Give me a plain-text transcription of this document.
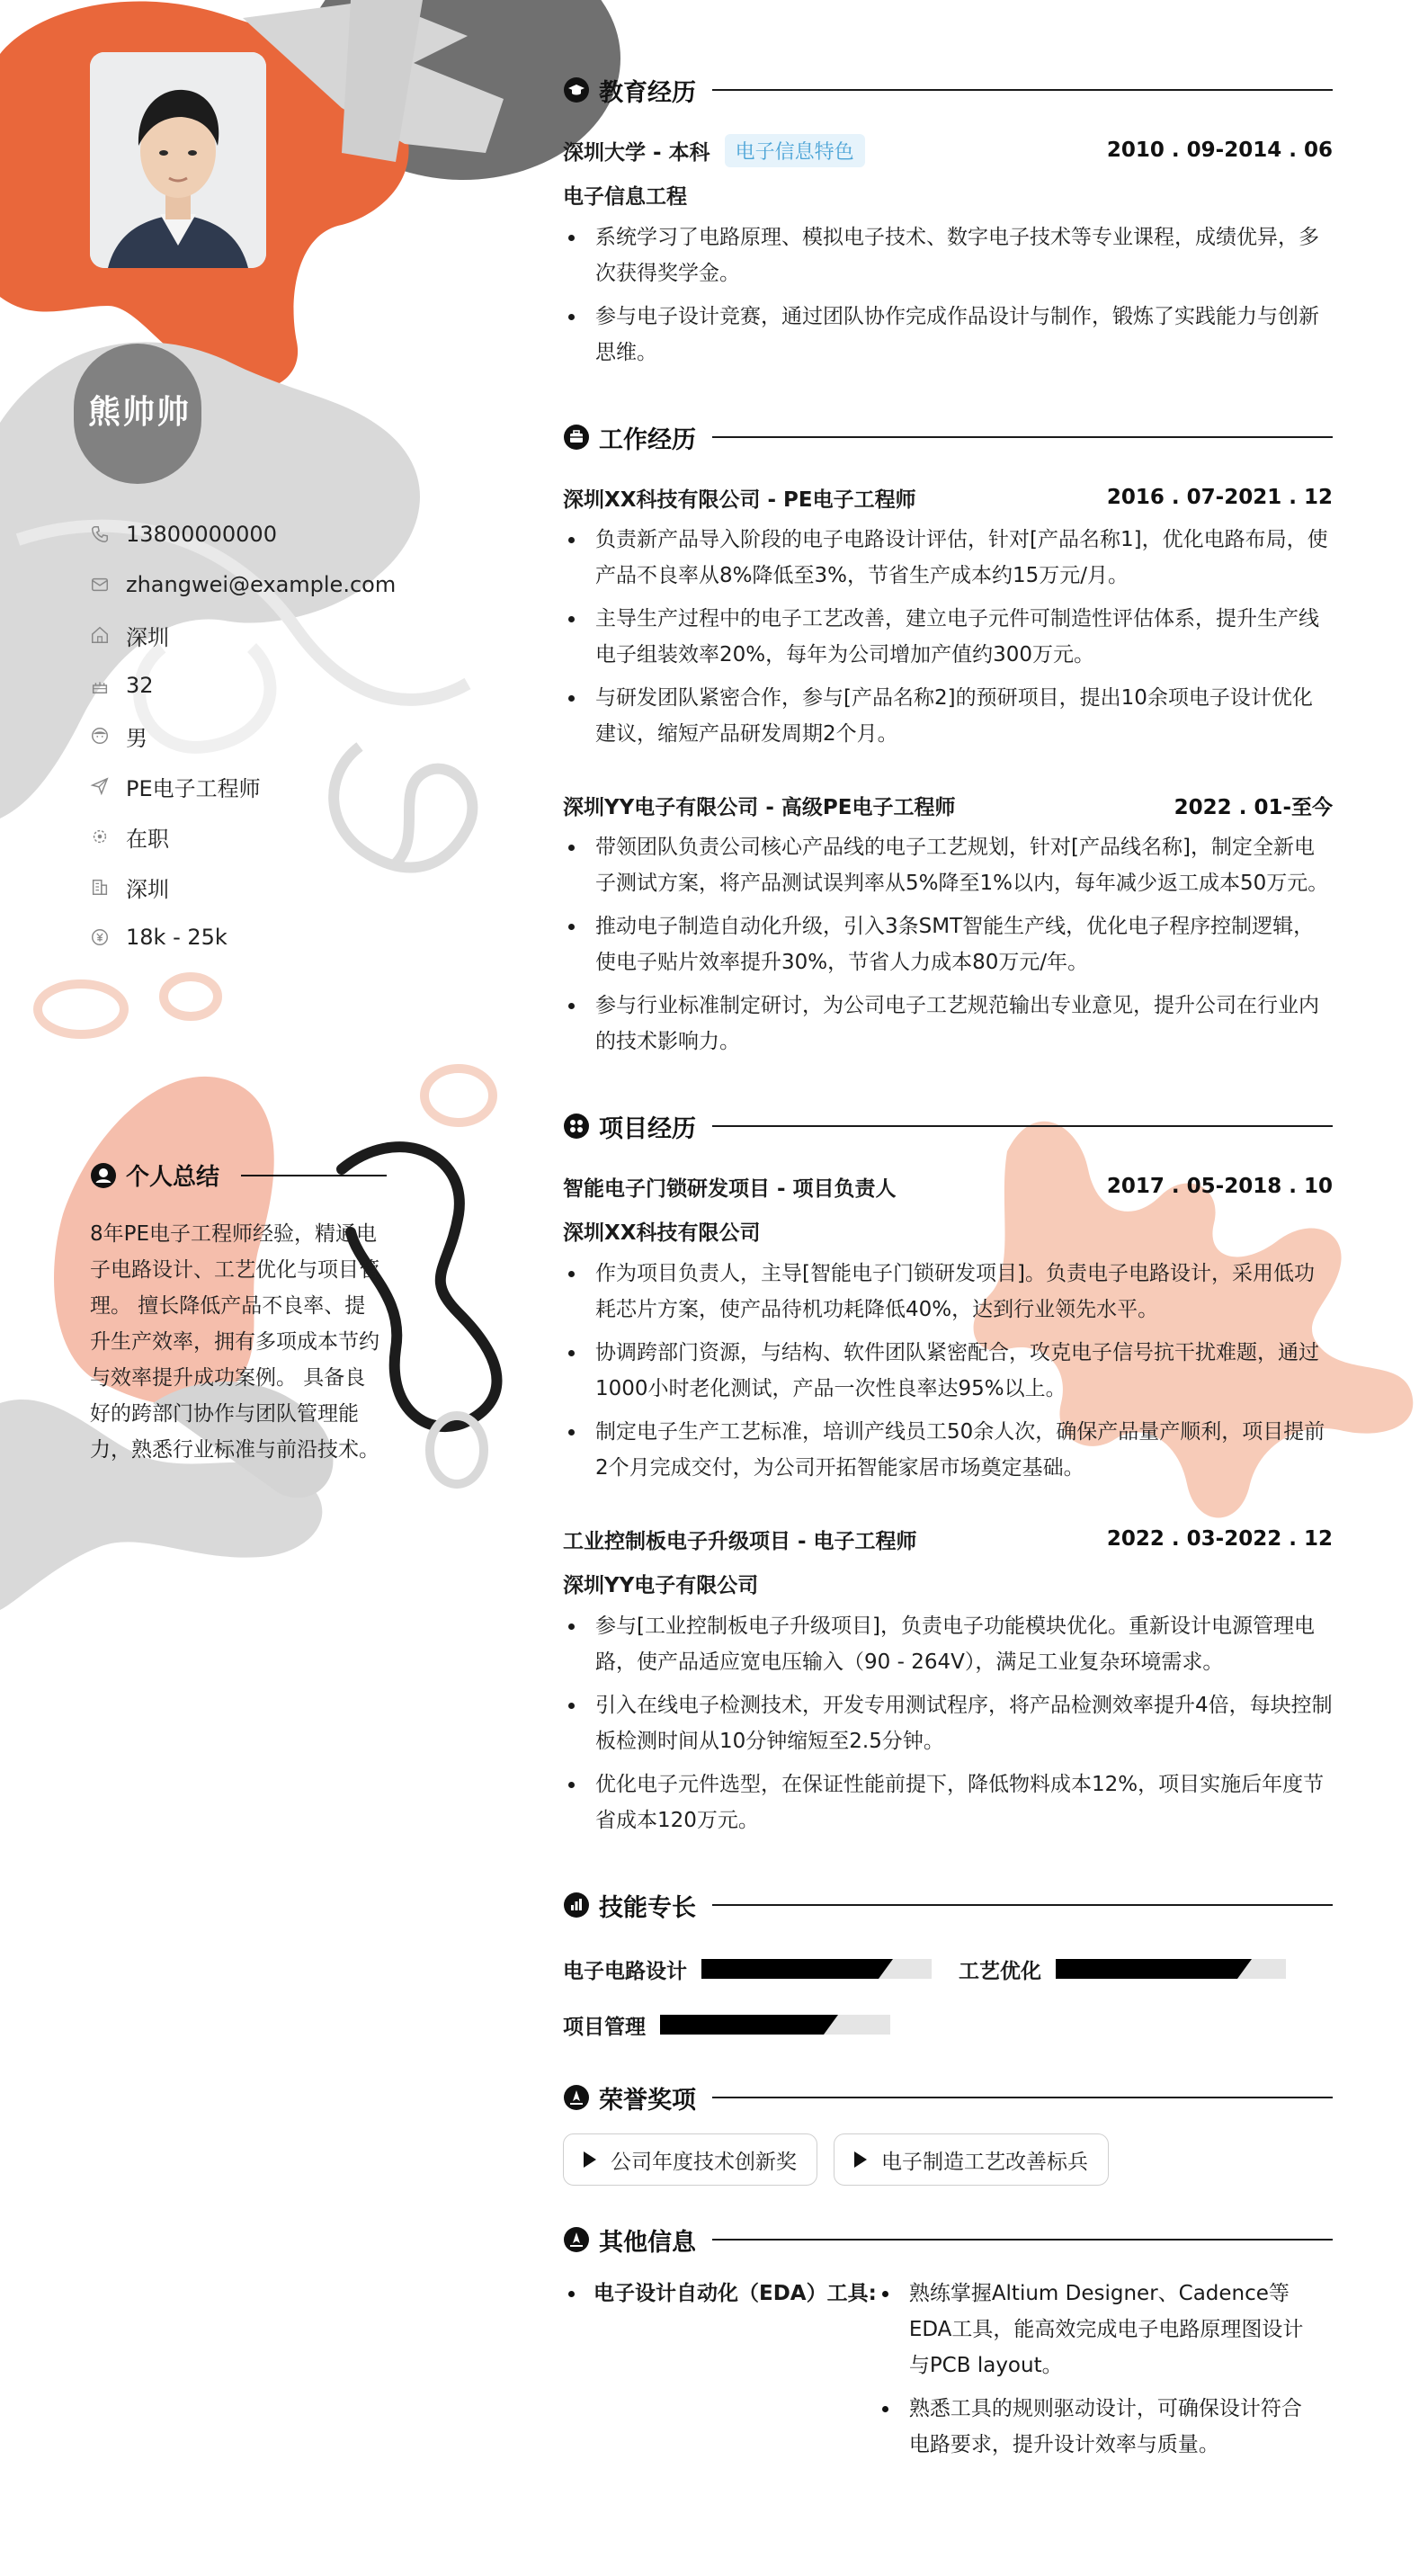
熊帅帅
13800000000
zhangwei@example.com
深圳
32
男
PE电子工程师
在职
深圳
18k - 25k
个人总结
8年PE电子工程师经验，精通电子电路设计、工艺优化与项目管理。 擅长降低产品不良率、提升生产效率，拥有多项成本节约与效率提升成功案例。 具备良好的跨部门协作与团队管理能力，熟悉行业标准与前沿技术。
教育经历
深圳大学 - 本科	电子信息特色	2010 . 09-2014 . 06
电子信息工程
系统学习了电路原理、模拟电子技术、数字电子技术等专业课程，成绩优异，多次获得奖学金。
参与电子设计竞赛，通过团队协作完成作品设计与制作，锻炼了实践能力与创新思维。
工作经历
深圳XX科技有限公司 - PE电子工程师	2016 . 07-2021 . 12
负责新产品导入阶段的电子电路设计评估，针对[产品名称1]，优化电路布局，使产品不良率从8%降低至3%，节省生产成本约15万元/月。
主导生产过程中的电子工艺改善，建立电子元件可制造性评估体系，提升生产线电子组装效率20%，每年为公司增加产值约300万元。
与研发团队紧密合作，参与[产品名称2]的预研项目，提出10余项电子设计优化建议，缩短产品研发周期2个月。
深圳YY电子有限公司 - 高级PE电子工程师	2022 . 01-至今
带领团队负责公司核心产品线的电子工艺规划，针对[产品线名称]，制定全新电子测试方案，将产品测试误判率从5%降至1%以内，每年减少返工成本50万元。
推动电子制造自动化升级，引入3条SMT智能生产线，优化电子程序控制逻辑，使电子贴片效率提升30%，节省人力成本80万元/年。
参与行业标准制定研讨，为公司电子工艺规范输出专业意见，提升公司在行业内的技术影响力。
项目经历
智能电子门锁研发项目 - 项目负责人	2017 . 05-2018 . 10
深圳XX科技有限公司
作为项目负责人，主导[智能电子门锁研发项目]。负责电子电路设计，采用低功耗芯片方案，使产品待机功耗降低40%，达到行业领先水平。
协调跨部门资源，与结构、软件团队紧密配合，攻克电子信号抗干扰难题，通过1000小时老化测试，产品一次性良率达95%以上。
制定电子生产工艺标准，培训产线员工50余人次，确保产品量产顺利，项目提前2个月完成交付，为公司开拓智能家居市场奠定基础。
工业控制板电子升级项目 - 电子工程师	2022 . 03-2022 . 12
深圳YY电子有限公司
参与[工业控制板电子升级项目]，负责电子功能模块优化。重新设计电源管理电路，使产品适应宽电压输入（90 - 264V），满足工业复杂环境需求。
引入在线电子检测技术，开发专用测试程序，将产品检测效率提升4倍，每块控制板检测时间从10分钟缩短至2.5分钟。
优化电子元件选型，在保证性能前提下，降低物料成本12%，项目实施后年度节省成本120万元。
技能专长
电子电路设计	工艺优化
项目管理
荣誉奖项
公司年度技术创新奖	电子制造工艺改善标兵
其他信息
电子设计自动化（EDA）工具:	熟练掌握Altium Designer、Cadence等EDA工具，能高效完成电子电路原理图设计与PCB layout。
熟悉工具的规则驱动设计，可确保设计符合电路要求，提升设计效率与质量。
